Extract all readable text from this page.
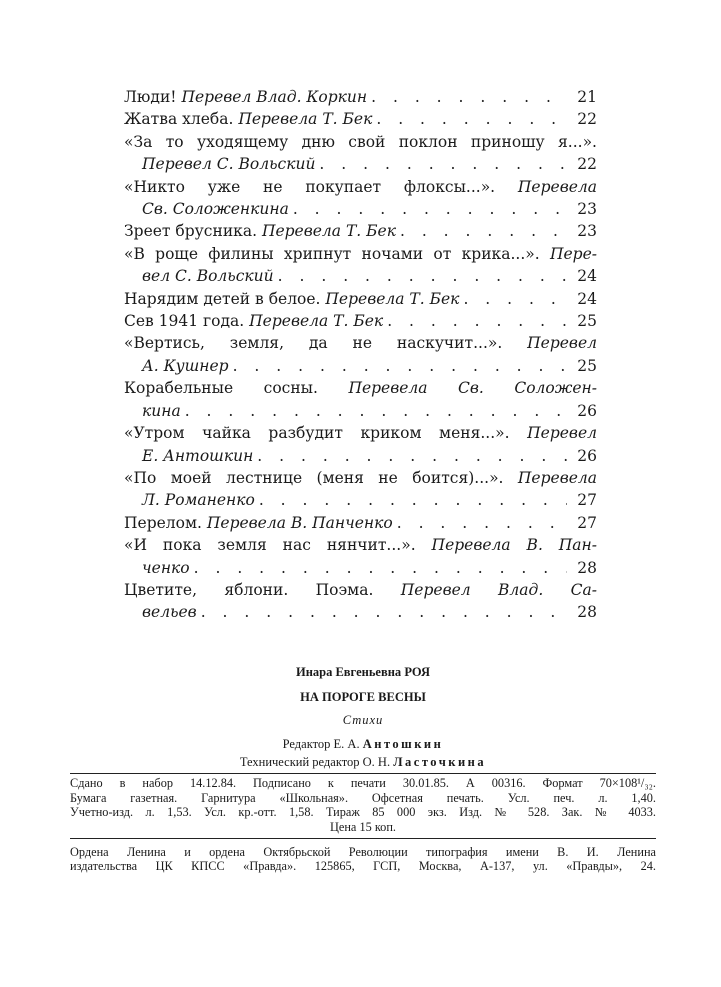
Люди! Перевел Влад. Коркин . . .	21
Жатва хлеба. Перевела Т. Бек . . .	22
«За то уходящему дню свой поклон приношу я...».
Перевел С. Вольский . . .	22
«Никто уже не покупает флоксы...». Перевела
Св. Соложенкина . . .	23
Зреет брусника. Перевела Т. Бек . . .	23
«В роще филины хрипнут ночами от крика...». Пере-
вел С. Вольский . . .	24
Нарядим детей в белое. Перевела Т. Бек . . .	24
Сев 1941 года. Перевела Т. Бек . . .	25
«Вертись, земля, да не наскучит...». Перевел
А. Кушнер . . .	25
Корабельные сосны. Перевела Св. Соложен-
кина . . .	26
«Утром чайка разбудит криком меня...». Перевел
Е. Антошкин . . .	26
«По моей лестнице (меня не боится)...». Перевела
Л. Романенко . . .	27
Перелом. Перевела В. Панченко . . .	27
«И пока земля нас нянчит...». Перевела В. Пан-
ченко . . .	28
Цветите, яблони. Поэма. Перевел Влад. Са-
вельев . . .	28
Инара Евгеньевна РОЯ
НА ПОРОГЕ ВЕСНЫ
Стихи
Редактор Е. А. Антошкин
Технический редактор О. Н. Ласточкина
Сдано в набор 14.12.84. Подписано к печати 30.01.85. А 00316. Формат 70×108¹/₃₂.
Бумага газетная. Гарнитура «Школьная». Офсетная печать. Усл. печ. л. 1,40.
Учетно-изд. л. 1,53. Усл. кр.-отт. 1,58. Тираж 85 000 экз. Изд. № 528. Зак. № 4033.
Цена 15 коп.
Ордена Ленина и ордена Октябрьской Революции типография имени В. И. Ленина
издательства ЦК КПСС «Правда». 125865, ГСП, Москва, А-137, ул. «Правды», 24.
